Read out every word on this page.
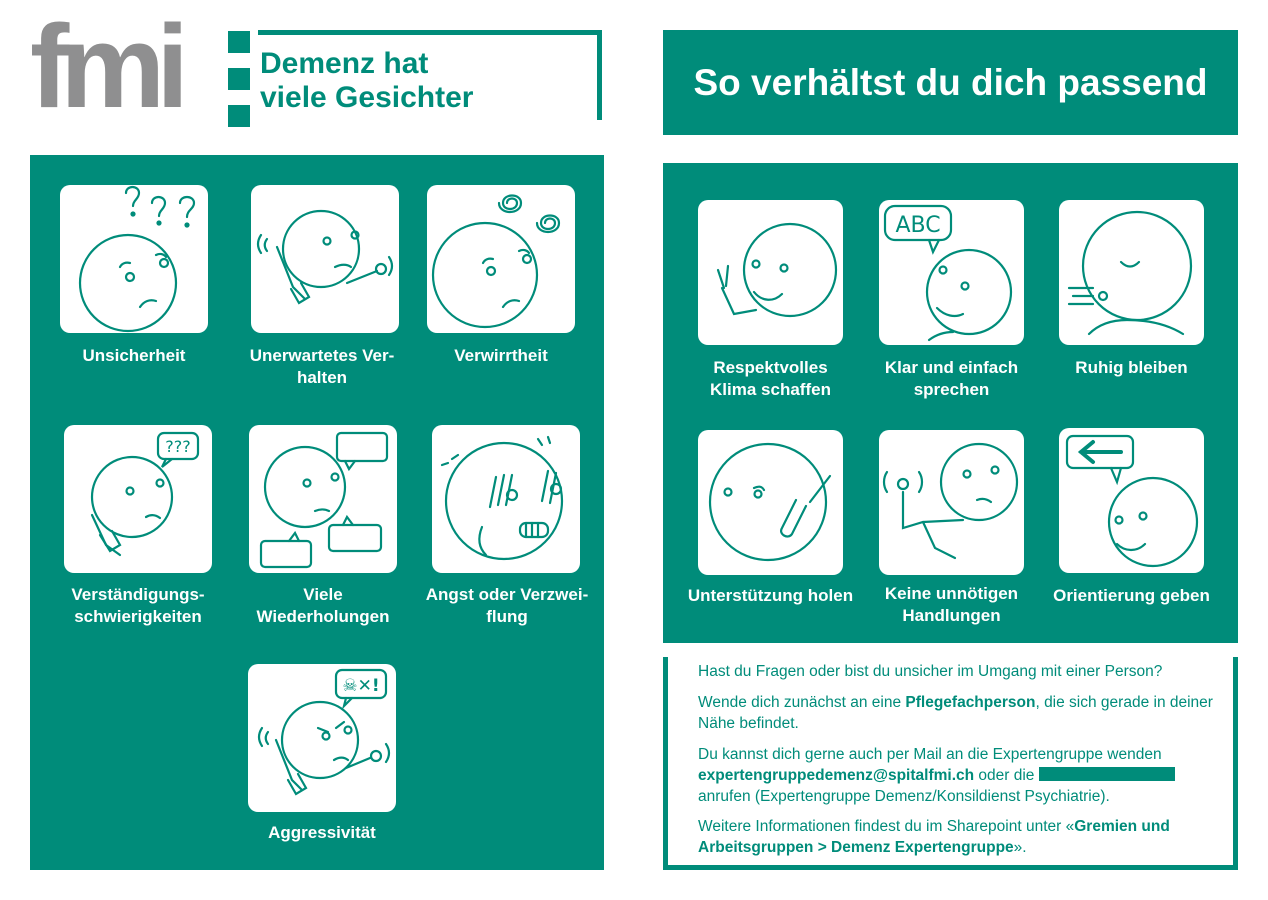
fmi	Demenz hat
viele Gesichter	So verhältst du dich passend
???
☠✕!
Unsicherheit	Unerwartetes Ver-
halten
Verwirrtheit
Verständigungs-
schwierigkeiten
Viele
Wiederholungen
Angst oder Verzwei-
flung
Aggressivität
ABC
Respektvolles
Klima schaffen
Klar und einfach
sprechen
Ruhig bleiben
Unterstützung holen	Keine unnötigen
Handlungen
Orientierung geben

Hast du Fragen oder bist du unsicher im Umgang mit einer Person?

Wende dich zunächst an eine Pflegefachperson, die sich gerade in deiner Nähe befindet.

Du kannst dich gerne auch per Mail an die Expertengruppe wenden expertengruppedemenz@spitalfmi.ch oder die  anrufen (Expertengruppe Demenz/Konsildienst Psychiatrie).

Weitere Informationen findest du im Sharepoint unter «Gremien und Arbeitsgruppen > Demenz Expertengruppe».
